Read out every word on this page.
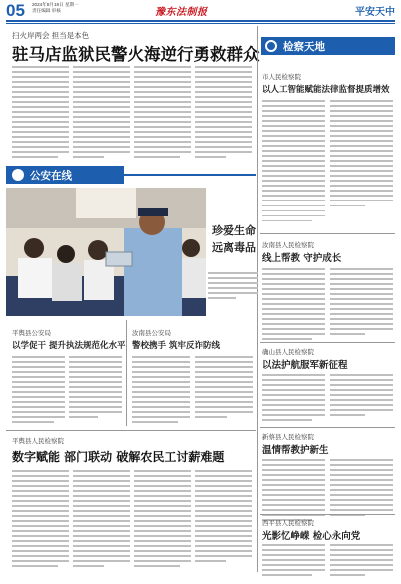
05 2024年8月19日 星期一
责任编辑 审核	豫东法制报	平安天中
扫火岸两会 担当是本色
驻马店监狱民警火海逆行勇救群众 检察天地
市人民检察院
以人工智能赋能法律监督提质增效
汝南县人民检察院
线上帮教 守护成长
确山县人民检察院
以法护航服军新征程
新蔡县人民检察院
温情帮教护新生
西平县人民检察院
光影忆峥嵘 检心永向党
公安在线
珍爱生命
远离毒品
平舆县公安局
以学促干 提升执法规范化水平
汝南县公安局
警校携手 筑牢反诈防线
平舆县人民检察院
数字赋能 部门联动 破解农民工讨薪难题
